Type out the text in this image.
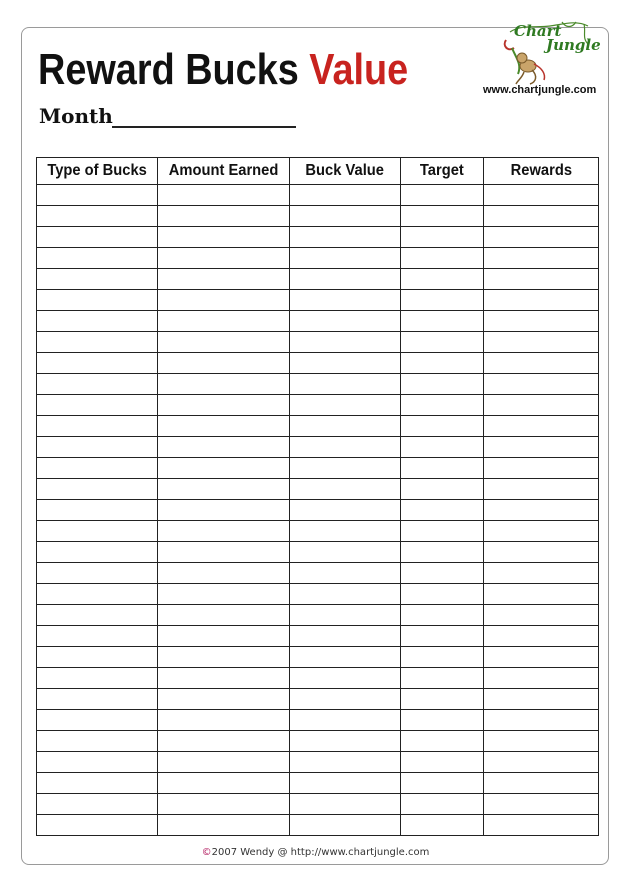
Reward Bucks Value
Month
Chart
Jungle
www.chartjungle.com
Type of Bucks	Amount Earned	Buck Value	Target	Rewards

©2007 Wendy @ http://www.chartjungle.com
